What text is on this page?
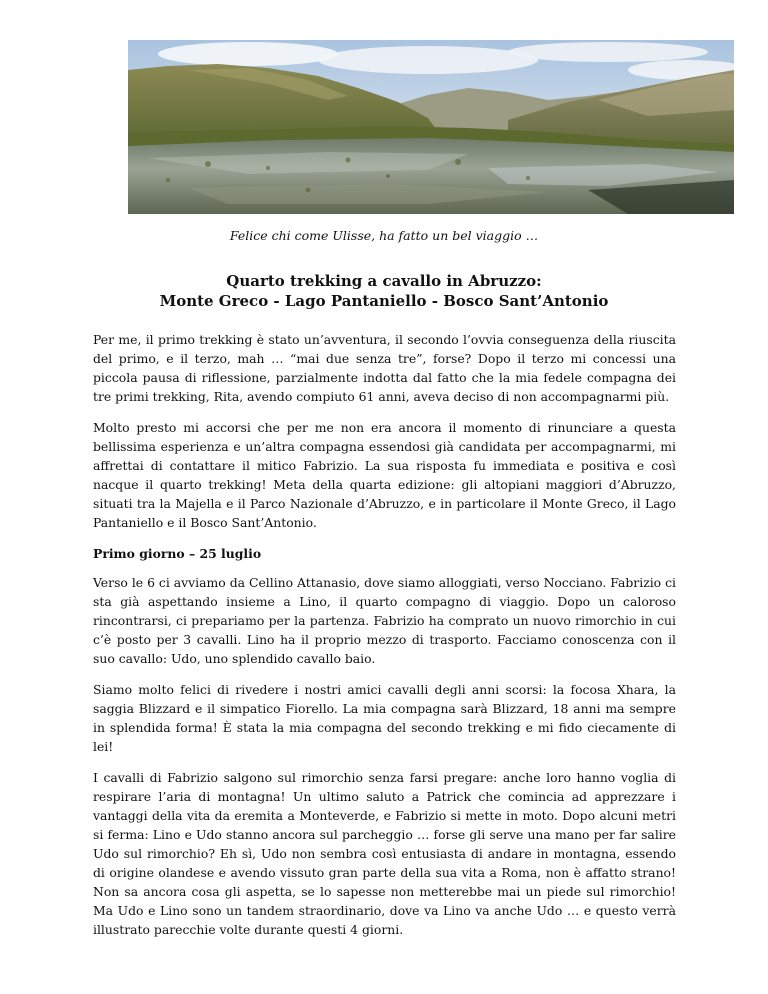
Felice chi come Ulisse, ha fatto un bel viaggio …
Quarto trekking a cavallo in Abruzzo:
Monte Greco - Lago Pantaniello - Bosco Sant’Antonio

Per me, il primo trekking è stato un’avventura, il secondo l’ovvia conseguenza della riuscita del primo, e il terzo, mah … “mai due senza tre”, forse? Dopo il terzo mi concessi una piccola pausa di riflessione, parzialmente indotta dal fatto che la mia fedele compagna dei tre primi trekking, Rita, avendo compiuto 61 anni, aveva deciso di non accompagnarmi più.

Molto presto mi accorsi che per me non era ancora il momento di rinunciare a questa bellissima esperienza e un’altra compagna essendosi già candidata per accompagnarmi, mi affrettai di contattare il mitico Fabrizio. La sua risposta fu immediata e positiva e così nacque il quarto trekking! Meta della quarta edizione: gli altopiani maggiori d’Abruzzo, situati tra la Majella e il Parco Nazionale d’Abruzzo, e in particolare il Monte Greco, il Lago Pantaniello e il Bosco Sant’Antonio.

Primo giorno – 25 luglio

Verso le 6 ci avviamo da Cellino Attanasio, dove siamo alloggiati, verso Nocciano. Fabrizio ci sta già aspettando insieme a Lino, il quarto compagno di viaggio. Dopo un caloroso rincontrarsi, ci prepariamo per la partenza. Fabrizio ha comprato un nuovo rimorchio in cui c’è posto per 3 cavalli. Lino ha il proprio mezzo di trasporto. Facciamo conoscenza con il suo cavallo: Udo, uno splendido cavallo baio.

Siamo molto felici di rivedere i nostri amici cavalli degli anni scorsi: la focosa Xhara, la saggia Blizzard e il simpatico Fiorello. La mia compagna sarà Blizzard, 18 anni ma sempre in splendida forma! È stata la mia compagna del secondo trekking e mi fido ciecamente di lei!

I cavalli di Fabrizio salgono sul rimorchio senza farsi pregare: anche loro hanno voglia di respirare l’aria di montagna! Un ultimo saluto a Patrick che comincia ad apprezzare i vantaggi della vita da eremita a Monteverde, e Fabrizio si mette in moto. Dopo alcuni metri si ferma: Lino e Udo stanno ancora sul parcheggio … forse gli serve una mano per far salire Udo sul rimorchio? Eh sì, Udo non sembra così entusiasta di andare in montagna, essendo di origine olandese e avendo vissuto gran parte della sua vita a Roma, non è affatto strano! Non sa ancora cosa gli aspetta, se lo sapesse non metterebbe mai un piede sul rimorchio! Ma Udo e Lino sono un tandem straordinario, dove va Lino va anche Udo … e questo verrà illustrato parecchie volte durante questi 4 giorni.
